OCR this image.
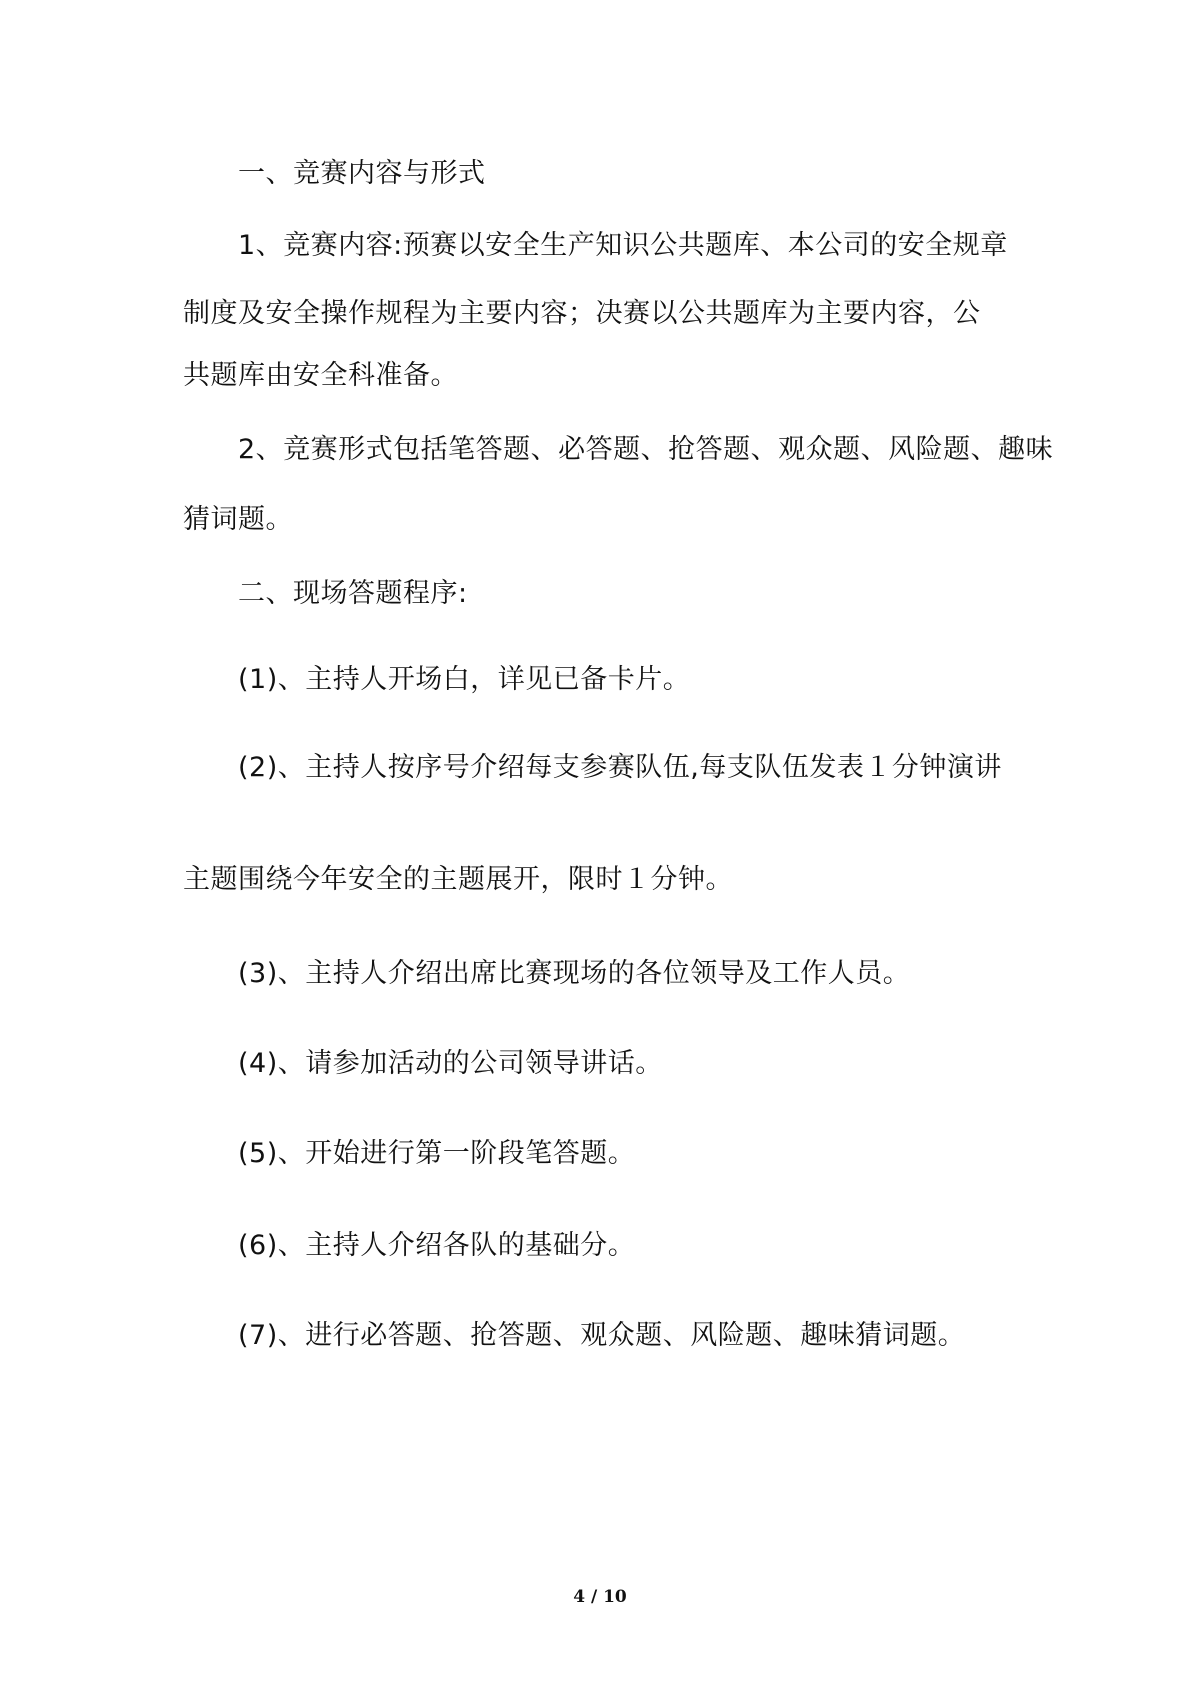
一、竞赛内容与形式
1、竞赛内容:预赛以安全生产知识公共题库、本公司的安全规章
制度及安全操作规程为主要内容；决赛以公共题库为主要内容，公
共题库由安全科准备。
2、竞赛形式包括笔答题、必答题、抢答题、观众题、风险题、趣味
猜词题。
二、现场答题程序:
(1)、主持人开场白，详见已备卡片。
(2)、主持人按序号介绍每支参赛队伍,每支队伍发表１分钟演讲
主题围绕今年安全的主题展开，限时１分钟。
(3)、主持人介绍出席比赛现场的各位领导及工作人员。
(4)、请参加活动的公司领导讲话。
(5)、开始进行第一阶段笔答题。
(6)、主持人介绍各队的基础分。
(7)、进行必答题、抢答题、观众题、风险题、趣味猜词题。
4 / 10
